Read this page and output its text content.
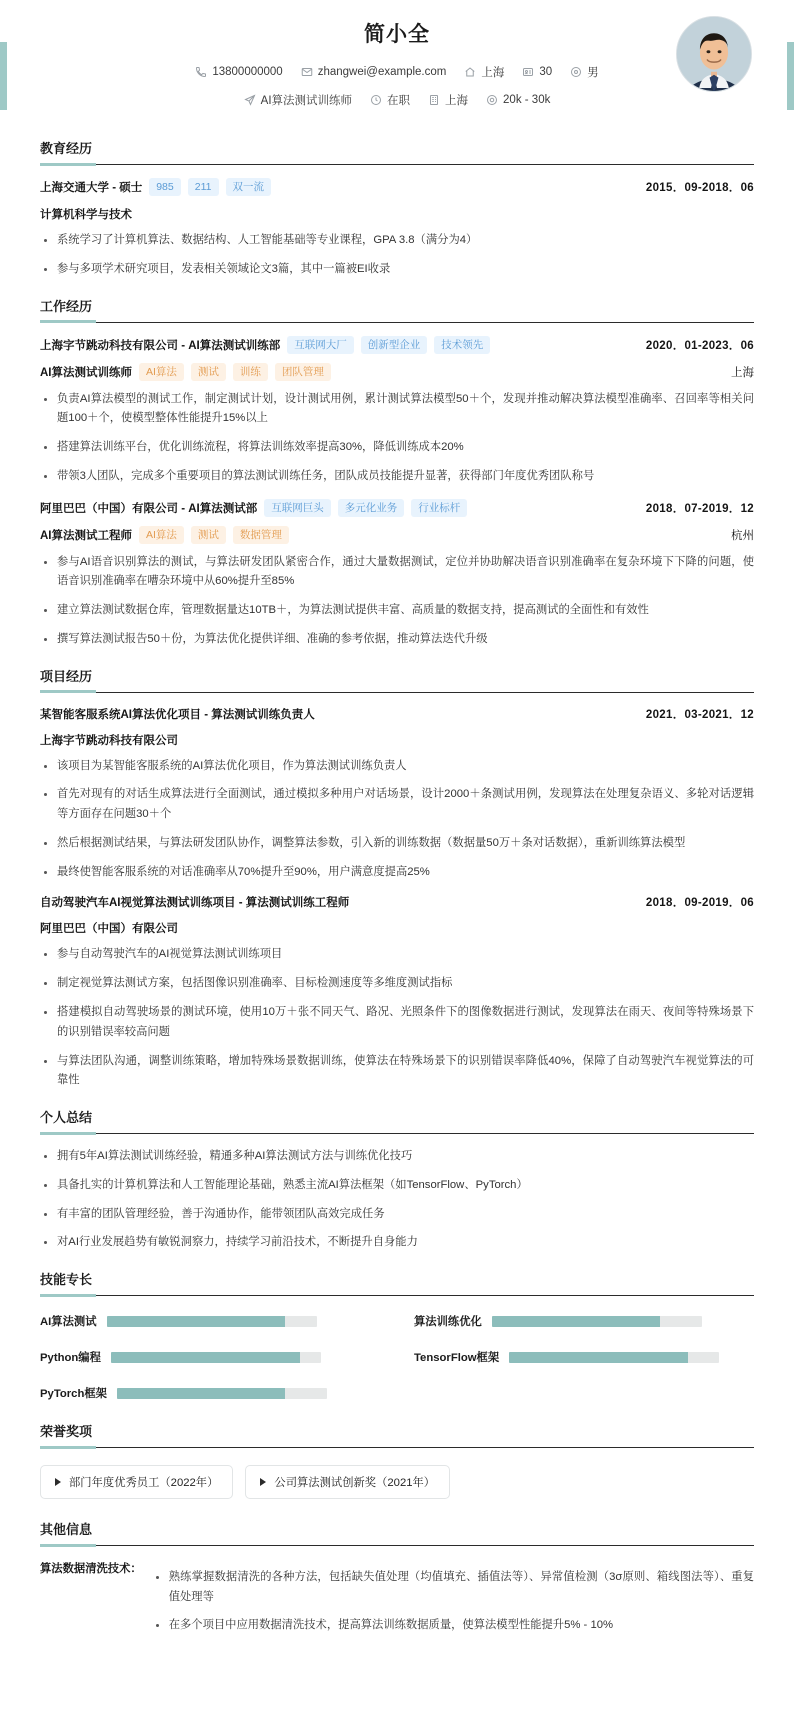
简小全
13800000000	zhangwei@example.com	上海	30	男
AI算法测试训练师	在职	上海	20k - 30k
教育经历
上海交通大学 - 硕士	985	211	双一流	2015．09-2018．06
计算机科学与技术
系统学习了计算机算法、数据结构、人工智能基础等专业课程，GPA 3.8（满分为4）
参与多项学术研究项目，发表相关领域论文3篇，其中一篇被EI收录
工作经历
上海字节跳动科技有限公司 - AI算法测试训练部	互联网大厂	创新型企业	技术领先	2020．01-2023．06
AI算法测试训练师	AI算法	测试	训练	团队管理	上海
负责AI算法模型的测试工作，制定测试计划，设计测试用例，累计测试算法模型50＋个，发现并推动解决算法模型准确率、召回率等相关问题100＋个，使模型整体性能提升15%以上
搭建算法训练平台，优化训练流程，将算法训练效率提高30%，降低训练成本20%
带领3人团队，完成多个重要项目的算法测试训练任务，团队成员技能提升显著，获得部门年度优秀团队称号
阿里巴巴（中国）有限公司 - AI算法测试部	互联网巨头	多元化业务	行业标杆	2018．07-2019．12
AI算法测试工程师	AI算法	测试	数据管理	杭州
参与AI语音识别算法的测试，与算法研发团队紧密合作，通过大量数据测试，定位并协助解决语音识别准确率在复杂环境下下降的问题，使语音识别准确率在嘈杂环境中从60%提升至85%
建立算法测试数据仓库，管理数据量达10TB＋，为算法测试提供丰富、高质量的数据支持，提高测试的全面性和有效性
撰写算法测试报告50＋份，为算法优化提供详细、准确的参考依据，推动算法迭代升级
项目经历
某智能客服系统AI算法优化项目 - 算法测试训练负责人	2021．03-2021．12
上海字节跳动科技有限公司
该项目为某智能客服系统的AI算法优化项目，作为算法测试训练负责人
首先对现有的对话生成算法进行全面测试，通过模拟多种用户对话场景，设计2000＋条测试用例，发现算法在处理复杂语义、多轮对话逻辑等方面存在问题30＋个
然后根据测试结果，与算法研发团队协作，调整算法参数，引入新的训练数据（数据量50万＋条对话数据），重新训练算法模型
最终使智能客服系统的对话准确率从70%提升至90%，用户满意度提高25%
自动驾驶汽车AI视觉算法测试训练项目 - 算法测试训练工程师	2018．09-2019．06
阿里巴巴（中国）有限公司
参与自动驾驶汽车的AI视觉算法测试训练项目
制定视觉算法测试方案，包括图像识别准确率、目标检测速度等多维度测试指标
搭建模拟自动驾驶场景的测试环境，使用10万＋张不同天气、路况、光照条件下的图像数据进行测试，发现算法在雨天、夜间等特殊场景下的识别错误率较高问题
与算法团队沟通，调整训练策略，增加特殊场景数据训练，使算法在特殊场景下的识别错误率降低40%，保障了自动驾驶汽车视觉算法的可靠性
个人总结
拥有5年AI算法测试训练经验，精通多种AI算法测试方法与训练优化技巧
具备扎实的计算机算法和人工智能理论基础，熟悉主流AI算法框架（如TensorFlow、PyTorch）
有丰富的团队管理经验，善于沟通协作，能带领团队高效完成任务
对AI行业发展趋势有敏锐洞察力，持续学习前沿技术，不断提升自身能力
技能专长
AI算法测试	算法训练优化
Python编程	TensorFlow框架
PyTorch框架
荣誉奖项
部门年度优秀员工（2022年）	公司算法测试创新奖（2021年）
其他信息
算法数据清洗技术：
熟练掌握数据清洗的各种方法，包括缺失值处理（均值填充、插值法等）、异常值检测（3σ原则、箱线图法等）、重复值处理等
在多个项目中应用数据清洗技术，提高算法训练数据质量，使算法模型性能提升5% - 10%
